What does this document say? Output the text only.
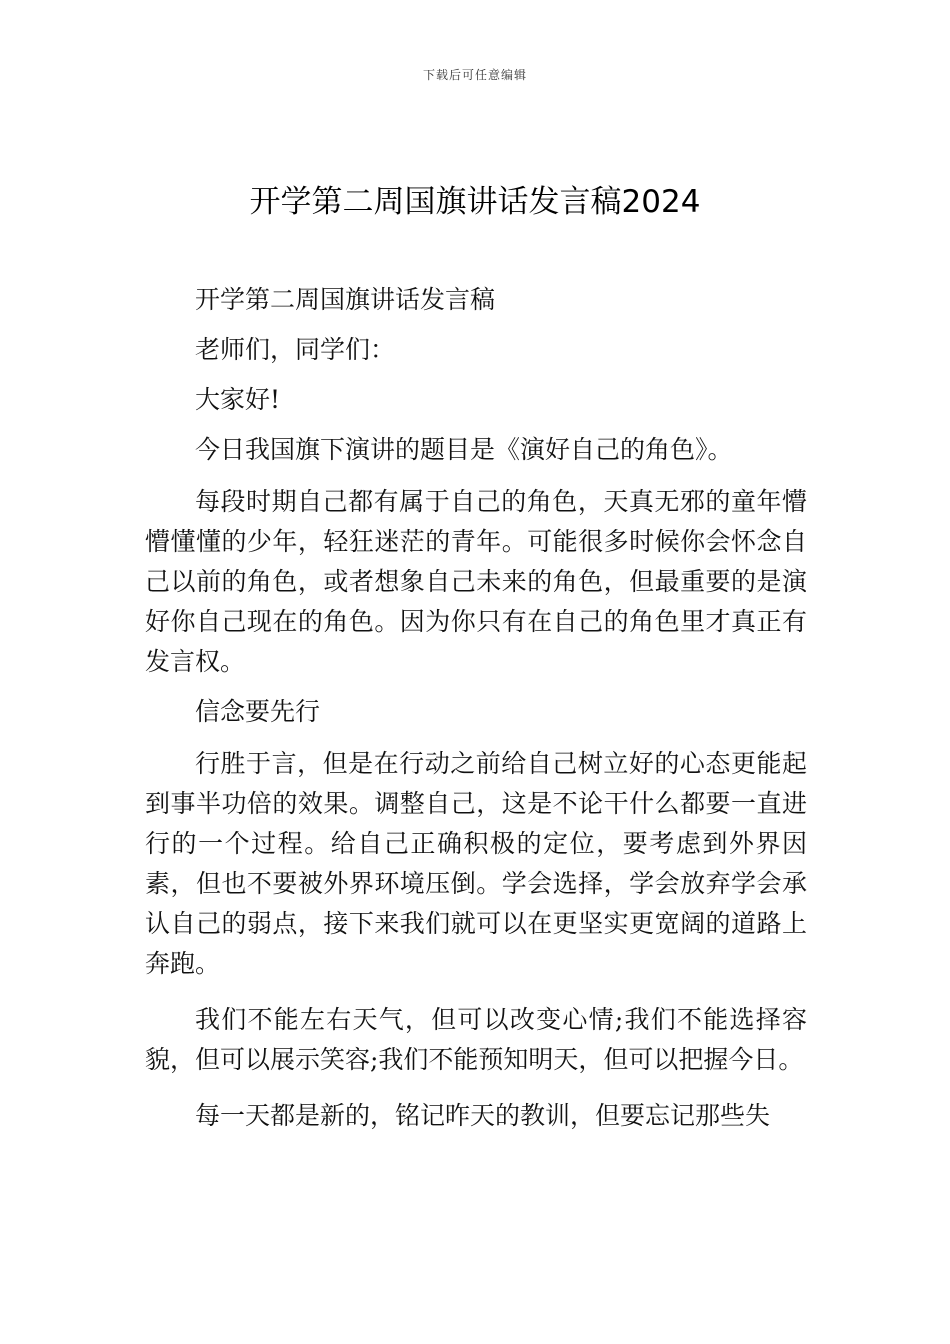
下载后可任意编辑
开学第二周国旗讲话发言稿2024

开学第二周国旗讲话发言稿

老师们，同学们：

大家好!

今日我国旗下演讲的题目是《演好自己的角色》。

每段时期自己都有属于自己的角色，天真无邪的童年懵懵懂懂的少年，轻狂迷茫的青年。可能很多时候你会怀念自己以前的角色，或者想象自己未来的角色，但最重要的是演好你自己现在的角色。因为你只有在自己的角色里才真正有发言权。

信念要先行

行胜于言，但是在行动之前给自己树立好的心态更能起到事半功倍的效果。调整自己，这是不论干什么都要一直进行的一个过程。给自己正确积极的定位，要考虑到外界因素，但也不要被外界环境压倒。学会选择，学会放弃学会承认自己的弱点，接下来我们就可以在更坚实更宽阔的道路上奔跑。

我们不能左右天气，但可以改变心情;我们不能选择容貌，但可以展示笑容;我们不能预知明天，但可以把握今日。

每一天都是新的，铭记昨天的教训，但要忘记那些失
